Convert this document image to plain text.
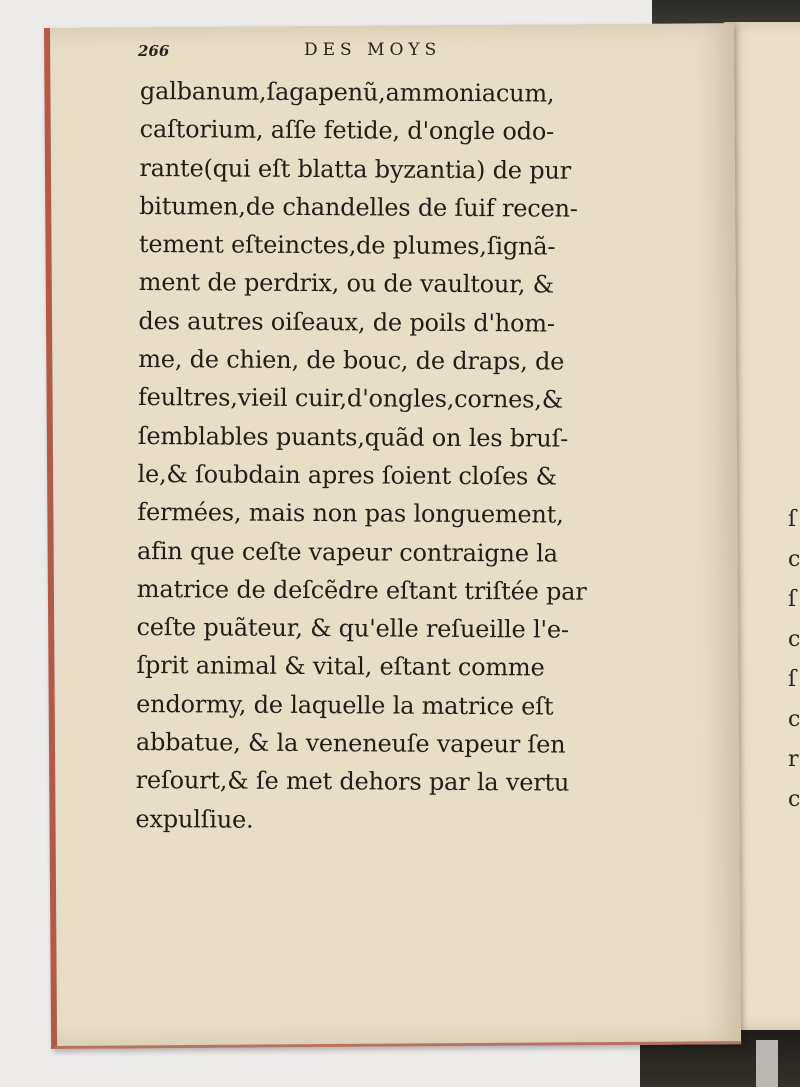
ſ
c
ſ
c
ſ
c
r
c
266	DES MOYS
galbanum,ſagapenũ,ammoniacum,
caſtorium, aſſe fetide, d'ongle odo-
rante(qui eſt blatta byzantia) de pur
bitumen,de chandelles de ſuif recen-
tement eſteinctes,de plumes,ſignã-
ment de perdrix, ou de vaultour, &
des autres oiſeaux, de poils d'hom-
me, de chien, de bouc, de draps, de
feultres,vieil cuir,d'ongles,cornes,&
ſemblables puants,quãd on les bruſ-
le,& ſoubdain apres ſoient cloſes &
fermées, mais non pas longuement,
afin que ceſte vapeur contraigne la
matrice de deſcẽdre eſtant triſtée par
ceſte puãteur, & qu'elle reſueille l'e-
ſprit animal & vital, eſtant comme
endormy, de laquelle la matrice eſt
abbatue, & la veneneuſe vapeur ſen
reſourt,& ſe met dehors par la vertu
expulſiue.
